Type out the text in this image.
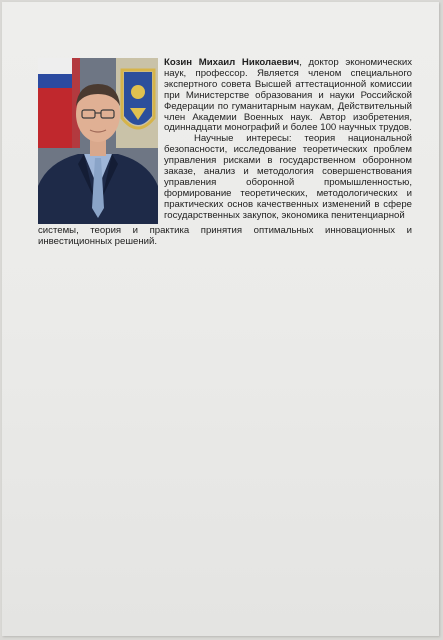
Козин Михаил Николаевич, доктор экономических наук, профессор. Является членом специального экспертного совета Высшей аттестационной комиссии при Министерстве образования и науки Российской Федерации по гуманитарным наукам, Действительный член Академии Военных наук. Автор изобретения, одиннадцати монографий и более 100 научных трудов.

Научные интересы: теория национальной безопасности, исследование теоретических проблем управления рисками в государственном оборонном заказе, анализ и методология совершенствования управления оборонной промышленностью, формирование теоретических, методологических и практических основ качественных изменений в сфере государственных закупок, экономика пенитенциарной

системы, теория и практика принятия оптимальных инновационных и инвестиционных решений.
